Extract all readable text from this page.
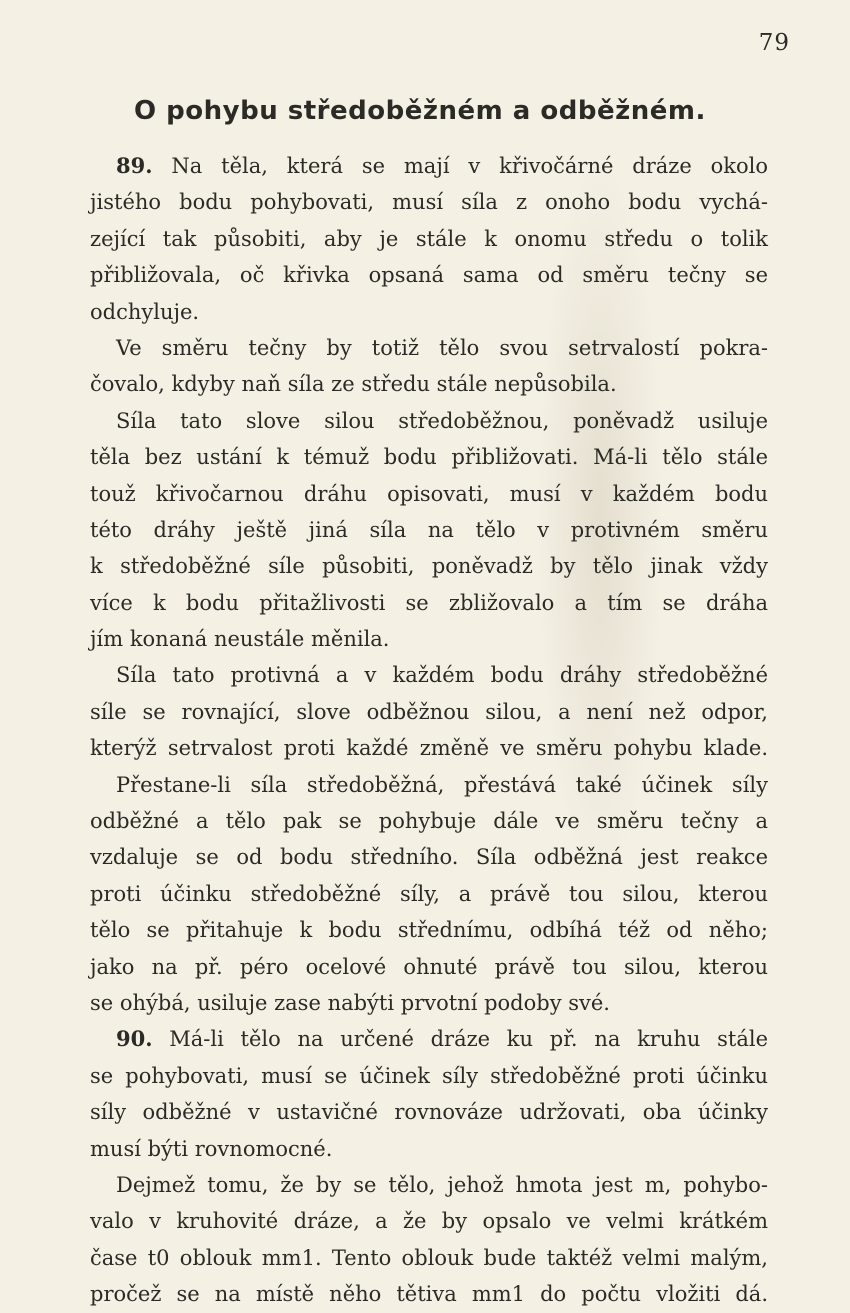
79
O pohybu středoběžném a odběžném.
89. Na těla, která se mají v křivočárné dráze okolo
jistého bodu pohybovati, musí síla z onoho bodu vychá-
zející tak působiti, aby je stále k onomu středu o tolik
přibližovala, oč křivka opsaná sama od směru tečny se
odchyluje.
Ve směru tečny by totiž tělo svou setrvalostí pokra-
čovalo, kdyby naň síla ze středu stále nepůsobila.
Síla tato slove silou středoběžnou, poněvadž usiluje
těla bez ustání k témuž bodu přibližovati. Má-li tělo stále
touž křivočarnou dráhu opisovati, musí v každém bodu
této dráhy ještě jiná síla na tělo v protivném směru
k středoběžné síle působiti, poněvadž by tělo jinak vždy
více k bodu přitažlivosti se zbližovalo a tím se dráha
jím konaná neustále měnila.
Síla tato protivná a v každém bodu dráhy středoběžné
síle se rovnající, slove odběžnou silou, a není než odpor,
kterýž setrvalost proti každé změně ve směru pohybu klade.
Přestane-li síla středoběžná, přestává také účinek síly
odběžné a tělo pak se pohybuje dále ve směru tečny a
vzdaluje se od bodu středního. Síla odběžná jest reakce
proti účinku středoběžné síly, a právě tou silou, kterou
tělo se přitahuje k bodu střednímu, odbíhá též od něho;
jako na př. péro ocelové ohnuté právě tou silou, kterou
se ohýbá, usiluje zase nabýti prvotní podoby své.
90. Má-li tělo na určené dráze ku př. na kruhu stále
se pohybovati, musí se účinek síly středoběžné proti účinku
síly odběžné v ustavičné rovnováze udržovati, oba účinky
musí býti rovnomocné.
Dejmež tomu, že by se tělo, jehož hmota jest m, pohybo-
valo v kruhovité dráze, a že by opsalo ve velmi krátkém
čase t0 oblouk mm1. Tento oblouk bude taktéž velmi malým,
pročež se na místě něho tětiva mm1 do počtu vložiti dá.
